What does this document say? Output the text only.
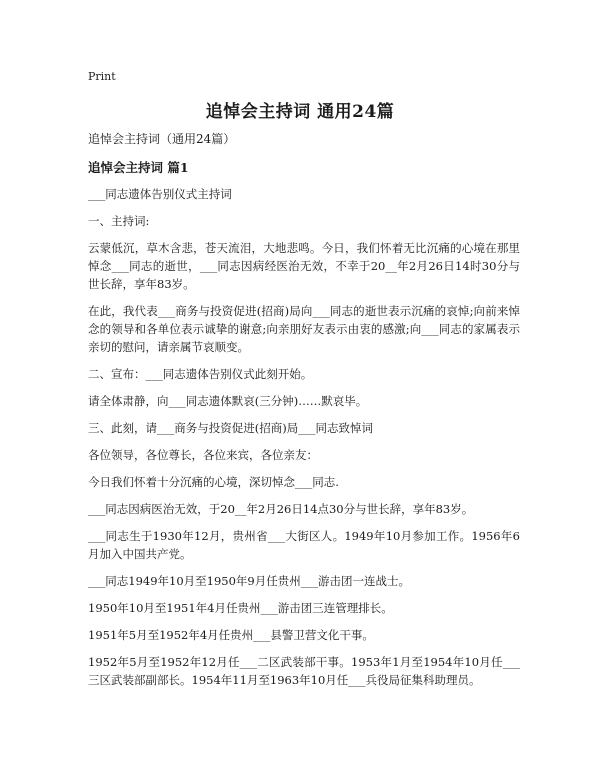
Print
追悼会主持词 通用24篇

追悼会主持词（通用24篇）

追悼会主持词 篇1

___同志遗体告别仪式主持词

一、主持词:

云蒙低沉，草木含悲，苍天流泪，大地悲鸣。今日，我们怀着无比沉痛的心境在那里悼念___同志的逝世，___同志因病经医治无效，不幸于20__年2月26日14时30分与世长辞，享年83岁。

在此，我代表___商务与投资促进(招商)局向___同志的逝世表示沉痛的哀悼;向前来悼念的领导和各单位表示诚挚的谢意;向亲朋好友表示由衷的感激;向___同志的家属表示亲切的慰问，请亲属节哀顺变。

二、宣布：___同志遗体告别仪式此刻开始。

请全体肃静，向___同志遗体默哀(三分钟)……默哀毕。

三、此刻，请___商务与投资促进(招商)局___同志致悼词

各位领导，各位尊长，各位来宾，各位亲友：

今日我们怀着十分沉痛的心境，深切悼念___同志.

___同志因病医治无效，于20__年2月26日14点30分与世长辞，享年83岁。

___同志生于1930年12月，贵州省___大街区人。1949年10月参加工作。1956年6月加入中国共产党。

___同志1949年10月至1950年9月任贵州___游击团一连战士。

1950年10月至1951年4月任贵州___游击团三连管理排长。

1951年5月至1952年4月任贵州___县警卫营文化干事。

1952年5月至1952年12月任___二区武装部干事。1953年1月至1954年10月任___三区武装部副部长。1954年11月至1963年10月任___兵役局征集科助理员。
